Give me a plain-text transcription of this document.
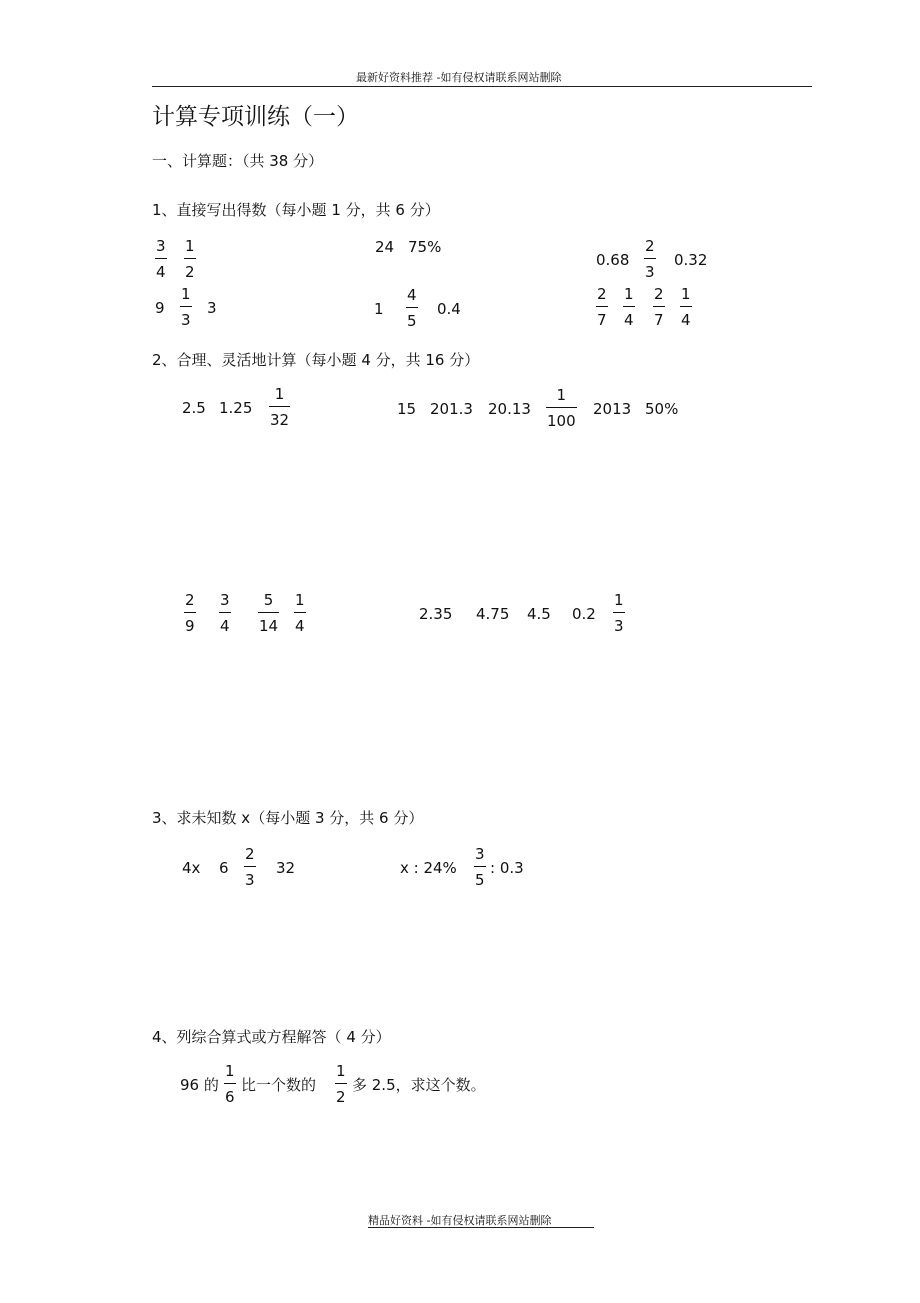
最新好资料推荐 -如有侵权请联系网站删除
计算专项训练（一）
一、计算题：（共 38 分）
1、直接写出得数（每小题 1 分，共 6 分）
3
4
1
2
24 75%
0.68
2
3
0.32
9
1
3
3	1
4
5
0.4
2
7
1
4
2
7
1
4
2、合理、灵活地计算（每小题 4 分，共 16 分）
2.5 1.25
1
32
15 201.3 20.13
1
100
2013 50%
2
9
3
4
5
14
1
4
2.35 4.75 4.5 0.2
1
3
3、求未知数 x（每小题 3 分，共 6 分）
4x 6
2
3
32	x : 24%
3
5
: 0.3
4、列综合算式或方程解答（ 4 分）
96 的
1
6
比一个数的
1
2
多 2.5，求这个数。
精品好资料 -如有侵权请联系网站删除
